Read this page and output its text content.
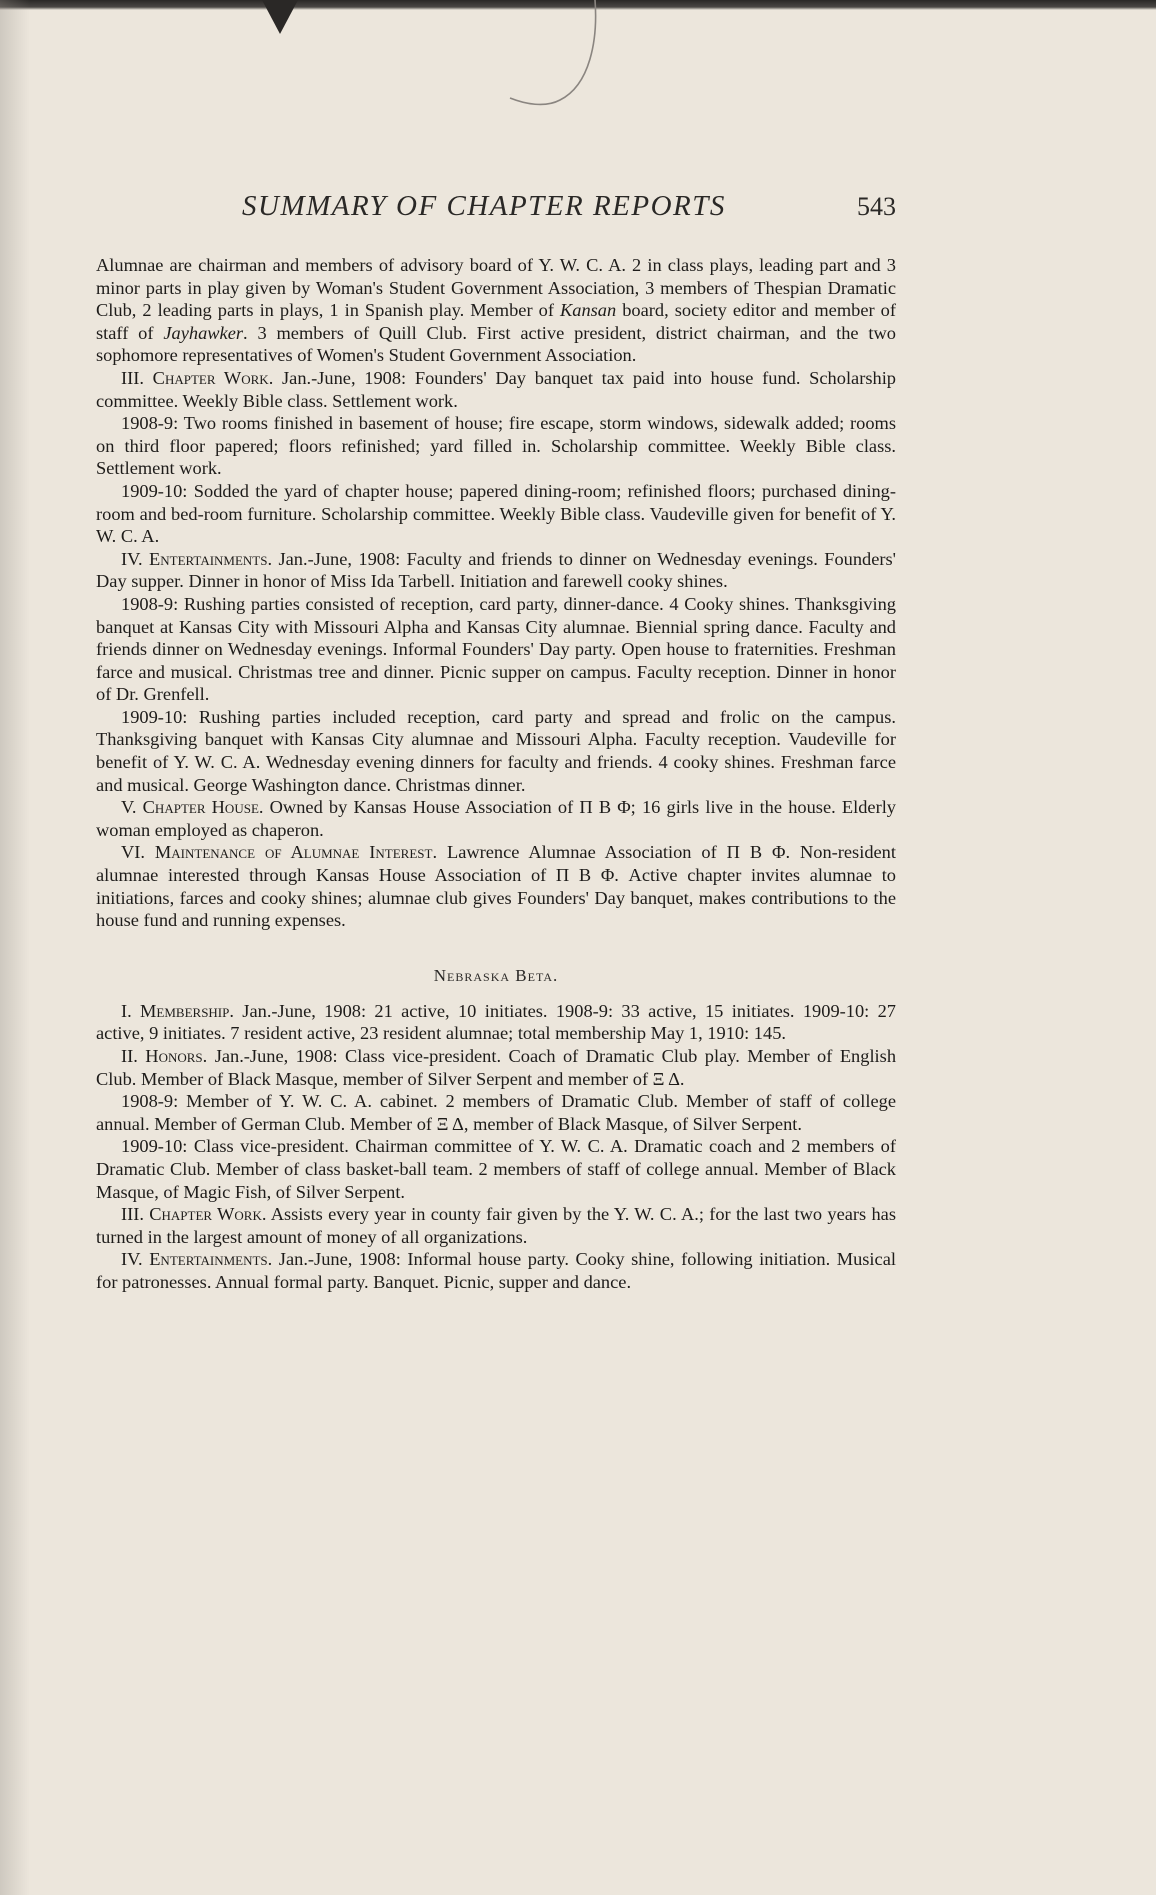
SUMMARY OF CHAPTER REPORTS	543

Alumnae are chairman and members of advisory board of Y. W. C. A. 2 in class plays, leading part and 3 minor parts in play given by Woman's Student Government Association, 3 members of Thespian Dramatic Club, 2 leading parts in plays, 1 in Spanish play. Member of Kansan board, society editor and member of staff of Jayhawker. 3 members of Quill Club. First active president, district chairman, and the two sophomore representatives of Women's Student Government Association.

III. Chapter Work. Jan.-June, 1908: Founders' Day banquet tax paid into house fund. Scholarship committee. Weekly Bible class. Settlement work.

1908-9: Two rooms finished in basement of house; fire escape, storm windows, sidewalk added; rooms on third floor papered; floors refinished; yard filled in. Scholarship committee. Weekly Bible class. Settlement work.

1909-10: Sodded the yard of chapter house; papered dining-room; refinished floors; purchased dining-room and bed-room furniture. Scholarship committee. Weekly Bible class. Vaudeville given for benefit of Y. W. C. A.

IV. Entertainments. Jan.-June, 1908: Faculty and friends to dinner on Wednesday evenings. Founders' Day supper. Dinner in honor of Miss Ida Tarbell. Initiation and farewell cooky shines.

1908-9: Rushing parties consisted of reception, card party, dinner-dance. 4 Cooky shines. Thanksgiving banquet at Kansas City with Missouri Alpha and Kansas City alumnae. Biennial spring dance. Faculty and friends dinner on Wednesday evenings. Informal Founders' Day party. Open house to fraternities. Freshman farce and musical. Christmas tree and dinner. Picnic supper on campus. Faculty reception. Dinner in honor of Dr. Grenfell.

1909-10: Rushing parties included reception, card party and spread and frolic on the campus. Thanksgiving banquet with Kansas City alumnae and Missouri Alpha. Faculty reception. Vaudeville for benefit of Y. W. C. A. Wednesday evening dinners for faculty and friends. 4 cooky shines. Freshman farce and musical. George Washington dance. Christmas dinner.

V. Chapter House. Owned by Kansas House Association of Π Β Φ; 16 girls live in the house. Elderly woman employed as chaperon.

VI. Maintenance of Alumnae Interest. Lawrence Alumnae Association of Π Β Φ. Non-resident alumnae interested through Kansas House Association of Π Β Φ. Active chapter invites alumnae to initiations, farces and cooky shines; alumnae club gives Founders' Day banquet, makes contributions to the house fund and running expenses.

Nebraska Beta.

I. Membership. Jan.-June, 1908: 21 active, 10 initiates. 1908-9: 33 active, 15 initiates. 1909-10: 27 active, 9 initiates. 7 resident active, 23 resident alumnae; total membership May 1, 1910: 145.

II. Honors. Jan.-June, 1908: Class vice-president. Coach of Dramatic Club play. Member of English Club. Member of Black Masque, member of Silver Serpent and member of Ξ Δ.

1908-9: Member of Y. W. C. A. cabinet. 2 members of Dramatic Club. Member of staff of college annual. Member of German Club. Member of Ξ Δ, member of Black Masque, of Silver Serpent.

1909-10: Class vice-president. Chairman committee of Y. W. C. A. Dramatic coach and 2 members of Dramatic Club. Member of class basket-ball team. 2 members of staff of college annual. Member of Black Masque, of Magic Fish, of Silver Serpent.

III. Chapter Work. Assists every year in county fair given by the Y. W. C. A.; for the last two years has turned in the largest amount of money of all organizations.

IV. Entertainments. Jan.-June, 1908: Informal house party. Cooky shine, following initiation. Musical for patronesses. Annual formal party. Banquet. Picnic, supper and dance.
